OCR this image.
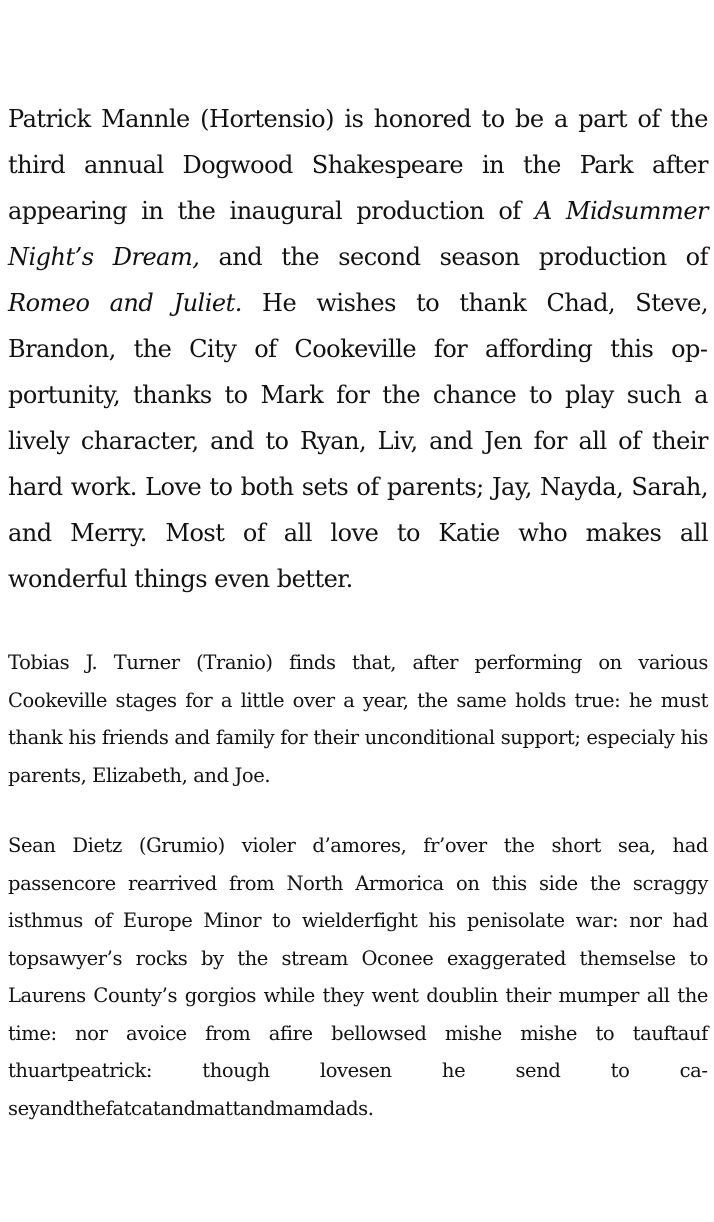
Patrick Mannle (Hortensio) is honored to be a part of the third annual Dogwood Shakespeare in the Park after appearing in the inaugural production of A Midsummer Night’s Dream, and the second season production of Romeo and Juliet. He wishes to thank Chad, Steve, Brandon, the City of Cookeville for affording this opportunity, thanks to Mark for the chance to play such a lively character, and to Ryan, Liv, and Jen for all of their hard work. Love to both sets of parents; Jay, Nayda, Sarah, and Merry. Most of all love to Katie who makes all wonderful things even better.

Tobias J. Turner (Tranio) finds that, after performing on various Cookeville stages for a little over a year, the same holds true: he must thank his friends and family for their unconditional support; especialy his parents, Elizabeth, and Joe.

Sean Dietz (Grumio) violer d’amores, fr’over the short sea, had passencore rearrived from North Armorica on this side the scraggy isthmus of Europe Minor to wielderfight his penisolate war: nor had topsawyer’s rocks by the stream Oconee exaggerated themselse to Laurens County’s gorgios while they went doublin their mumper all the time: nor avoice from afire bellowsed mishe mishe to tauftauf thuartpeatrick: though lovesen he send to caseyandthefatcatandmattandmamdads.
